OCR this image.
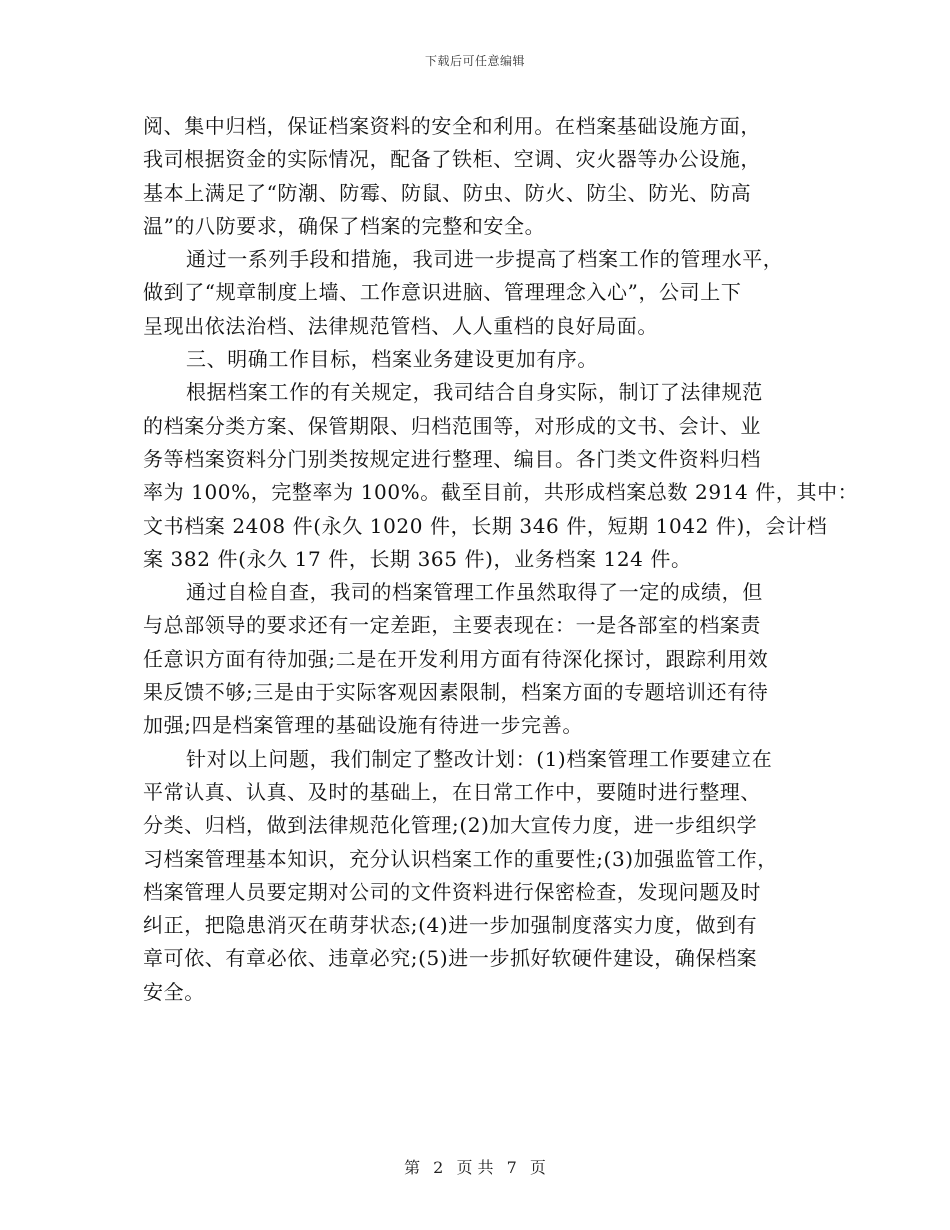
下载后可任意编辑
阅、集中归档，保证档案资料的安全和利用。在档案基础设施方面，
我司根据资金的实际情况，配备了铁柜、空调、灾火器等办公设施，
基本上满足了“防潮、防霉、防鼠、防虫、防火、防尘、防光、防高
温”的八防要求，确保了档案的完整和安全。
通过一系列手段和措施，我司进一步提高了档案工作的管理水平，
做到了“规章制度上墙、工作意识进脑、管理理念入心”，公司上下
呈现出依法治档、法律规范管档、人人重档的良好局面。
三、明确工作目标，档案业务建设更加有序。
根据档案工作的有关规定，我司结合自身实际，制订了法律规范
的档案分类方案、保管期限、归档范围等，对形成的文书、会计、业
务等档案资料分门别类按规定进行整理、编目。各门类文件资料归档
率为 100%，完整率为 100%。截至目前，共形成档案总数 2914 件，其中：
文书档案 2408 件(永久 1020 件，长期 346 件，短期 1042 件)，会计档
案 382 件(永久 17 件，长期 365 件)，业务档案 124 件。
通过自检自查，我司的档案管理工作虽然取得了一定的成绩，但
与总部领导的要求还有一定差距，主要表现在：一是各部室的档案责
任意识方面有待加强;二是在开发利用方面有待深化探讨，跟踪利用效
果反馈不够;三是由于实际客观因素限制，档案方面的专题培训还有待
加强;四是档案管理的基础设施有待进一步完善。
针对以上问题，我们制定了整改计划：(1)档案管理工作要建立在
平常认真、认真、及时的基础上，在日常工作中，要随时进行整理、
分类、归档，做到法律规范化管理;(2)加大宣传力度，进一步组织学
习档案管理基本知识，充分认识档案工作的重要性;(3)加强监管工作，
档案管理人员要定期对公司的文件资料进行保密检查，发现问题及时
纠正，把隐患消灭在萌芽状态;(4)进一步加强制度落实力度，做到有
章可依、有章必依、违章必究;(5)进一步抓好软硬件建设，确保档案
安全。
第 2 页 共 7 页
